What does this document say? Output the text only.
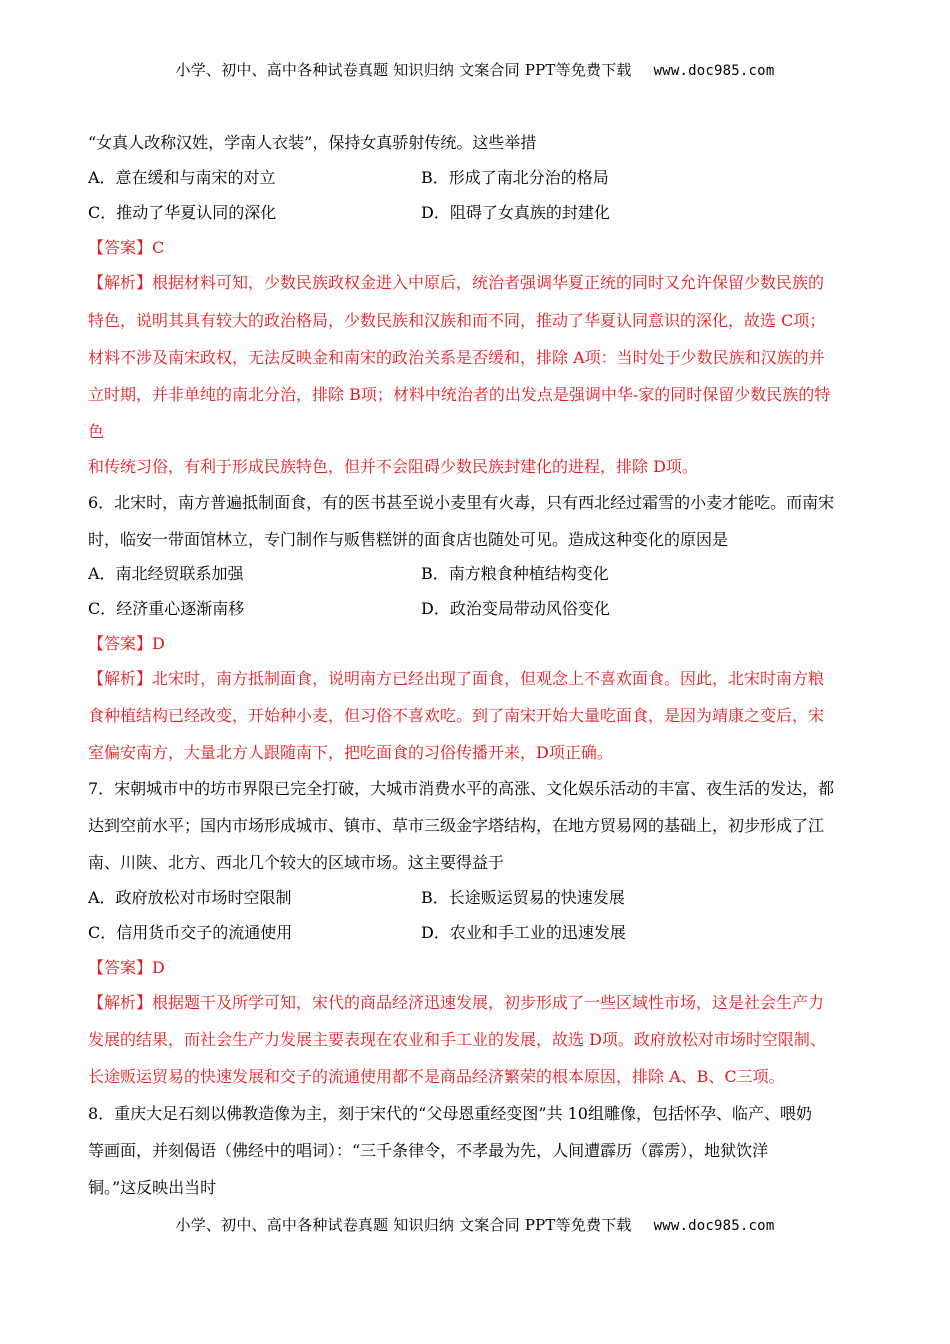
小学、初中、高中各种试卷真题 知识归纳 文案合同 PPT等免费下载 www.doc985.com
“女真人改称汉姓，学南人衣装”，保持女真骄射传统。这些举措
A．意在缓和与南宋的对立	B．形成了南北分治的格局
C．推动了华夏认同的深化	D．阻碍了女真族的封建化
【答案】C
【解析】根据材料可知，少数民族政权金进入中原后，统治者强调华夏正统的同时又允许保留少数民族的
特色，说明其具有较大的政治格局，少数民族和汉族和而不同，推动了华夏认同意识的深化，故选 C项；
材料不涉及南宋政权，无法反映金和南宋的政治关系是否缓和，排除 A项：当时处于少数民族和汉族的并
立时期，并非单纯的南北分治，排除 B项；材料中统治者的出发点是强调中华-家的同时保留少数民族的特
色
和传统习俗，有利于形成民族特色，但并不会阻碍少数民族封建化的进程，排除 D项。
6．北宋时，南方普遍抵制面食，有的医书甚至说小麦里有火毒，只有西北经过霜雪的小麦才能吃。而南宋
时，临安一带面馆林立，专门制作与贩售糕饼的面食店也随处可见。造成这种变化的原因是
A．南北经贸联系加强	B．南方粮食种植结构变化
C．经济重心逐渐南移	D．政治变局带动风俗变化
【答案】D
【解析】北宋时，南方抵制面食，说明南方已经出现了面食，但观念上不喜欢面食。因此，北宋时南方粮
食种植结构已经改变，开始种小麦，但习俗不喜欢吃。到了南宋开始大量吃面食，是因为靖康之变后，宋
室偏安南方，大量北方人跟随南下，把吃面食的习俗传播开来，D项正确。
7．宋朝城市中的坊市界限已完全打破，大城市消费水平的高涨、文化娱乐活动的丰富、夜生活的发达，都
达到空前水平；国内市场形成城市、镇市、草市三级金字塔结构，在地方贸易网的基础上，初步形成了江
南、川陕、北方、西北几个较大的区域市场。这主要得益于
A．政府放松对市场时空限制	B．长途贩运贸易的快速发展
C．信用货币交子的流通使用	D．农业和手工业的迅速发展
【答案】D
【解析】根据题干及所学可知，宋代的商品经济迅速发展，初步形成了一些区域性市场，这是社会生产力
发展的结果，而社会生产力发展主要表现在农业和手工业的发展，故选 D项。政府放松对市场时空限制、
长途贩运贸易的快速发展和交子的流通使用都不是商品经济繁荣的根本原因，排除 A、B、C三项。
8．重庆大足石刻以佛教造像为主，刻于宋代的“父母恩重经变图”共 10组雕像，包括怀孕、临产、喂奶
等画面，并刻偈语（佛经中的唱词）：“三千条律令，不孝最为先，人间遭霹历（霹雳），地狱饮洋
铜。”这反映出当时
小学、初中、高中各种试卷真题 知识归纳 文案合同 PPT等免费下载 www.doc985.com
